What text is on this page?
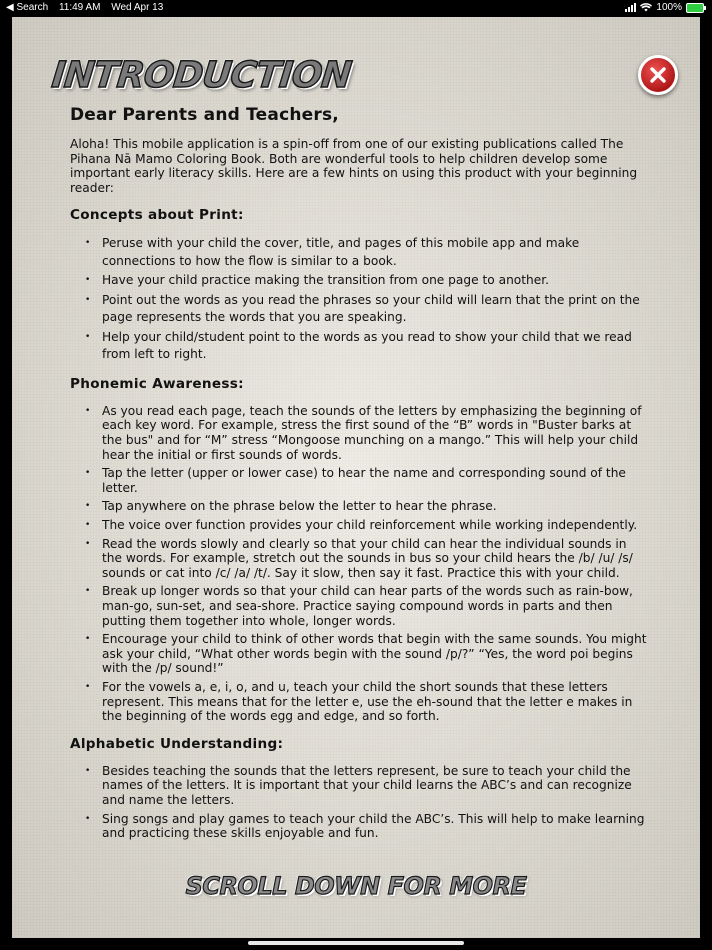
◀ Search 11:49 AM Wed Apr 13	100%
INTRODUCTION
Dear Parents and Teachers,

Aloha! This mobile application is a spin-off from one of our existing publications called The Pihana Nā Mamo Coloring Book. Both are wonderful tools to help children develop some important early literacy skills. Here are a few hints on using this product with your beginning reader:

Concepts about Print:
• Peruse with your child the cover, title, and pages of this mobile app and make connections to how the flow is similar to a book.
• Have your child practice making the transition from one page to another.
• Point out the words as you read the phrases so your child will learn that the print on the page represents the words that you are speaking.
• Help your child/student point to the words as you read to show your child that we read from left to right.
Phonemic Awareness:
• As you read each page, teach the sounds of the letters by emphasizing the beginning of each key word. For example, stress the first sound of the “B” words in "Buster barks at the bus" and for “M” stress “Mongoose munching on a mango.” This will help your child hear the initial or first sounds of words.
• Tap the letter (upper or lower case) to hear the name and corresponding sound of the letter.
• Tap anywhere on the phrase below the letter to hear the phrase.
• The voice over function provides your child reinforcement while working independently.
• Read the words slowly and clearly so that your child can hear the individual sounds in the words. For example, stretch out the sounds in bus so your child hears the /b/ /u/ /s/ sounds or cat into /c/ /a/ /t/. Say it slow, then say it fast. Practice this with your child.
• Break up longer words so that your child can hear parts of the words such as rain-bow, man-go, sun-set, and sea-shore. Practice saying compound words in parts and then putting them together into whole, longer words.
• Encourage your child to think of other words that begin with the same sounds. You might ask your child, “What other words begin with the sound /p/?” “Yes, the word poi begins with the /p/ sound!”
• For the vowels a, e, i, o, and u, teach your child the short sounds that these letters represent. This means that for the letter e, use the eh-sound that the letter e makes in the beginning of the words egg and edge, and so forth.
Alphabetic Understanding:
• Besides teaching the sounds that the letters represent, be sure to teach your child the names of the letters. It is important that your child learns the ABC’s and can recognize and name the letters.
• Sing songs and play games to teach your child the ABC’s. This will help to make learning and practicing these skills enjoyable and fun.
SCROLL DOWN FOR MORE
